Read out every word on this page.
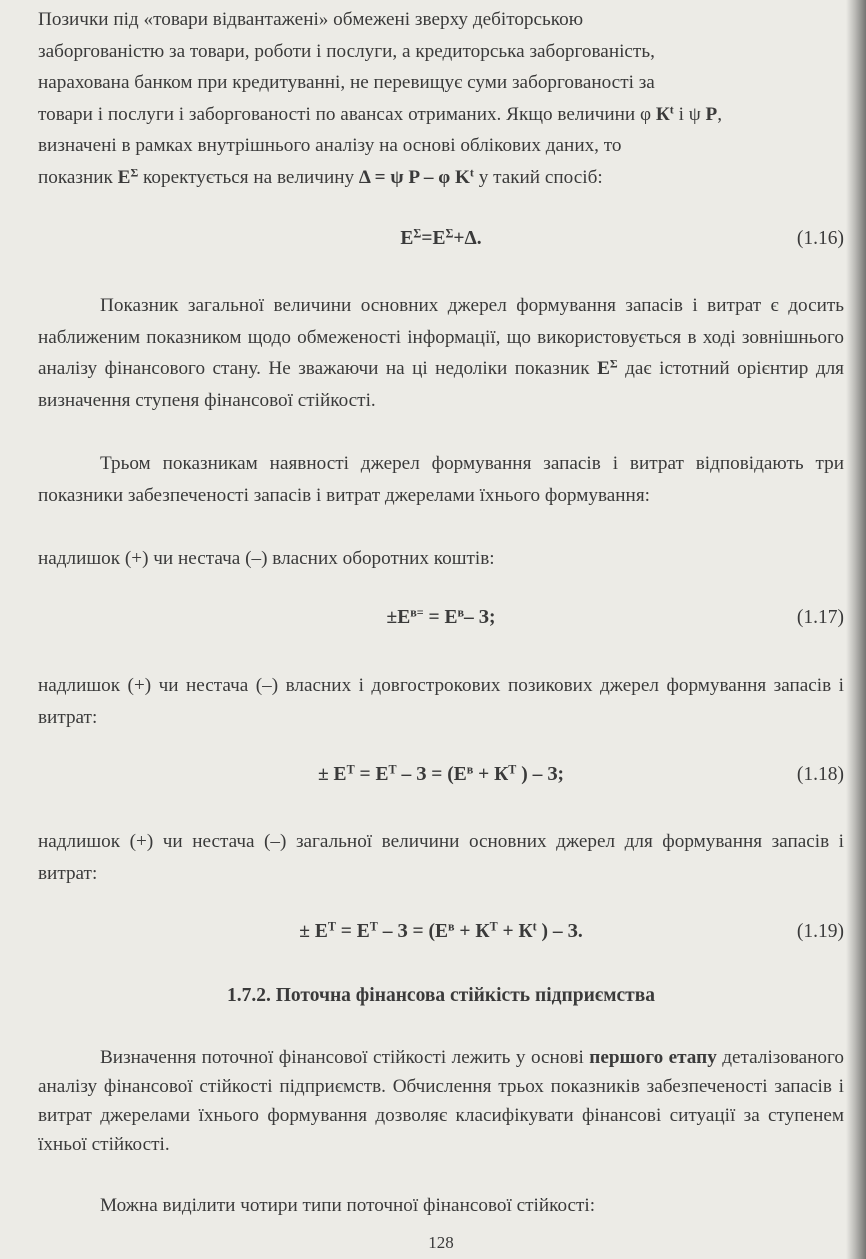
Позички під «товари відвантажені» обмежені зверху дебіторською
заборгованістю за товари, роботи і послуги, а кредиторська заборгованість,
нарахована банком при кредитуванні, не перевищує суми заборгованості за
товари і послуги і заборгованості по авансах отриманих. Якщо величини φ $К^t$ і ψ P,
визначені в рамках внутрішнього аналізу на основі облікових даних, то
показник $E^\Sigma$ коректується на величину Δ = ψ P – φ $K^t$ у такий спосіб:
$E^\Sigma=E^\Sigma+\Delta$.	(1.16)

Показник загальної величини основних джерел формування запасів і витрат є досить наближеним показником щодо обмеженості інформації, що використовується в ході зовнішнього аналізу фінансового стану. Не зважаючи на ці недоліки показник $E^\Sigma$ дає істотний орієнтир для визначення ступеня фінансової стійкості.

Трьом показникам наявності джерел формування запасів і витрат відповідають три показники забезпеченості запасів і витрат джерелами їхнього формування:

надлишок (+) чи нестача (–) власних оборотних коштів:

$\pm E^{в=} = E^в-$ З;	(1.17)

надлишок (+) чи нестача (–) власних і довгострокових позикових джерел формування запасів і витрат:

± $E^Т = E^Т - З = (E^в + К^Т$ ) – З;	(1.18)

надлишок (+) чи нестача (–) загальної величини основних джерел для формування запасів і витрат:

± $E^Т = E^Т - З = (E^в + К^Т + К^t$ ) – З.	(1.19)
1.7.2. Поточна фінансова стійкість підприємства

Визначення поточної фінансової стійкості лежить у основі першого етапу деталізованого аналізу фінансової стійкості підприємств. Обчислення трьох показників забезпеченості запасів і витрат джерелами їхнього формування дозволяє класифікувати фінансові ситуації за ступенем їхньої стійкості.

Можна виділити чотири типи поточної фінансової стійкості:

128
